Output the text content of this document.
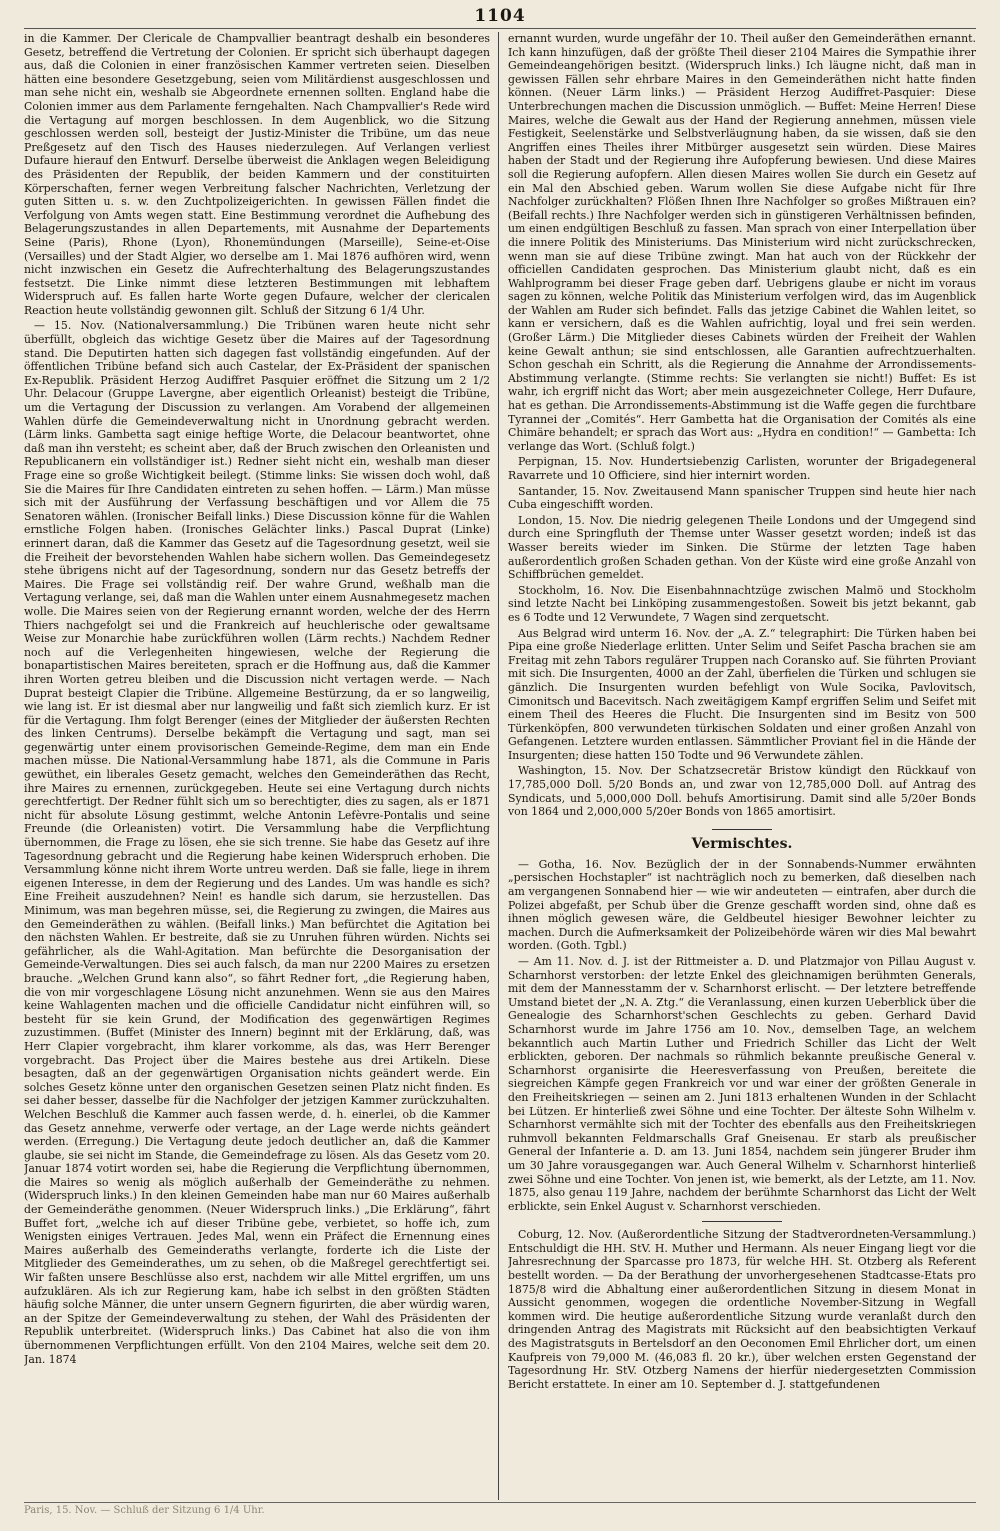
1104

in die Kammer. Der Clericale de Champvallier beantragt deshalb ein besonderes Gesetz, betreffend die Vertretung der Colonien. Er spricht sich überhaupt dagegen aus, daß die Colonien in einer französischen Kammer vertreten seien. Dieselben hätten eine besondere Gesetzgebung, seien vom Militärdienst ausgeschlossen und man sehe nicht ein, weshalb sie Abgeordnete ernennen sollten. England habe die Colonien immer aus dem Parlamente ferngehalten. Nach Champvallier's Rede wird die Vertagung auf morgen beschlossen. In dem Augenblick, wo die Sitzung geschlossen werden soll, besteigt der Justiz-Minister die Tribüne, um das neue Preßgesetz auf den Tisch des Hauses niederzulegen. Auf Verlangen verliest Dufaure hierauf den Entwurf. Derselbe überweist die Anklagen wegen Beleidigung des Präsidenten der Republik, der beiden Kammern und der constituirten Körperschaften, ferner wegen Verbreitung falscher Nachrichten, Verletzung der guten Sitten u. s. w. den Zuchtpolizeigerichten. In gewissen Fällen findet die Verfolgung von Amts wegen statt. Eine Bestimmung verordnet die Aufhebung des Belagerungszustandes in allen Departements, mit Ausnahme der Departements Seine (Paris), Rhone (Lyon), Rhonemündungen (Marseille), Seine-et-Oise (Versailles) und der Stadt Algier, wo derselbe am 1. Mai 1876 aufhören wird, wenn nicht inzwischen ein Gesetz die Aufrechterhaltung des Belagerungszustandes festsetzt. Die Linke nimmt diese letzteren Bestimmungen mit lebhaftem Widerspruch auf. Es fallen harte Worte gegen Dufaure, welcher der clericalen Reaction heute vollständig gewonnen gilt. Schluß der Sitzung 6 1/4 Uhr.

— 15. Nov. (Nationalversammlung.) Die Tribünen waren heute nicht sehr überfüllt, obgleich das wichtige Gesetz über die Maires auf der Tagesordnung stand. Die Deputirten hatten sich dagegen fast vollständig eingefunden. Auf der öffentlichen Tribüne befand sich auch Castelar, der Ex-Präsident der spanischen Ex-Republik. Präsident Herzog Audiffret Pasquier eröffnet die Sitzung um 2 1/2 Uhr. Delacour (Gruppe Lavergne, aber eigentlich Orleanist) besteigt die Tribüne, um die Vertagung der Discussion zu verlangen. Am Vorabend der allgemeinen Wahlen dürfe die Gemeindeverwaltung nicht in Unordnung gebracht werden. (Lärm links. Gambetta sagt einige heftige Worte, die Delacour beantwortet, ohne daß man ihn versteht; es scheint aber, daß der Bruch zwischen den Orleanisten und Republicanern ein vollständiger ist.) Redner sieht nicht ein, weshalb man dieser Frage eine so große Wichtigkeit beilegt. (Stimme links: Sie wissen doch wohl, daß Sie die Maires für Ihre Candidaten eintreten zu sehen hoffen. — Lärm.) Man müsse sich mit der Ausführung der Verfassung beschäftigen und vor Allem die 75 Senatoren wählen. (Ironischer Beifall links.) Diese Discussion könne für die Wahlen ernstliche Folgen haben. (Ironisches Gelächter links.) Pascal Duprat (Linke) erinnert daran, daß die Kammer das Gesetz auf die Tagesordnung gesetzt, weil sie die Freiheit der bevorstehenden Wahlen habe sichern wollen. Das Gemeindegesetz stehe übrigens nicht auf der Tagesordnung, sondern nur das Gesetz betreffs der Maires. Die Frage sei vollständig reif. Der wahre Grund, weßhalb man die Vertagung verlange, sei, daß man die Wahlen unter einem Ausnahmegesetz machen wolle. Die Maires seien von der Regierung ernannt worden, welche der des Herrn Thiers nachgefolgt sei und die Frankreich auf heuchlerische oder gewaltsame Weise zur Monarchie habe zurückführen wollen (Lärm rechts.) Nachdem Redner noch auf die Verlegenheiten hingewiesen, welche der Regierung die bonapartistischen Maires bereiteten, sprach er die Hoffnung aus, daß die Kammer ihren Worten getreu bleiben und die Discussion nicht vertagen werde. — Nach Duprat besteigt Clapier die Tribüne. Allgemeine Bestürzung, da er so langweilig, wie lang ist. Er ist diesmal aber nur langweilig und faßt sich ziemlich kurz. Er ist für die Vertagung. Ihm folgt Berenger (eines der Mitglieder der äußersten Rechten des linken Centrums). Derselbe bekämpft die Vertagung und sagt, man sei gegenwärtig unter einem provisorischen Gemeinde-Regime, dem man ein Ende machen müsse. Die National-Versammlung habe 1871, als die Commune in Paris gewüthet, ein liberales Gesetz gemacht, welches den Gemeinderäthen das Recht, ihre Maires zu ernennen, zurückgegeben. Heute sei eine Vertagung durch nichts gerechtfertigt. Der Redner fühlt sich um so berechtigter, dies zu sagen, als er 1871 nicht für absolute Lösung gestimmt, welche Antonin Lefèvre-Pontalis und seine Freunde (die Orleanisten) votirt. Die Versammlung habe die Verpflichtung übernommen, die Frage zu lösen, ehe sie sich trenne. Sie habe das Gesetz auf ihre Tagesordnung gebracht und die Regierung habe keinen Widerspruch erhoben. Die Versammlung könne nicht ihrem Worte untreu werden. Daß sie falle, liege in ihrem eigenen Interesse, in dem der Regierung und des Landes. Um was handle es sich? Eine Freiheit auszudehnen? Nein! es handle sich darum, sie herzustellen. Das Minimum, was man begehren müsse, sei, die Regierung zu zwingen, die Maires aus den Gemeinderäthen zu wählen. (Beifall links.) Man befürchtet die Agitation bei den nächsten Wahlen. Er bestreite, daß sie zu Unruhen führen würden. Nichts sei gefährlicher, als die Wahl-Agitation. Man befürchte die Desorganisation der Gemeinde-Verwaltungen. Dies sei auch falsch, da man nur 2200 Maires zu ersetzen brauche. „Welchen Grund kann also“, so fährt Redner fort, „die Regierung haben, die von mir vorgeschlagene Lösung nicht anzunehmen. Wenn sie aus den Maires keine Wahlagenten machen und die officielle Candidatur nicht einführen will, so besteht für sie kein Grund, der Modification des gegenwärtigen Regimes zuzustimmen. (Buffet (Minister des Innern) beginnt mit der Erklärung, daß, was Herr Clapier vorgebracht, ihm klarer vorkomme, als das, was Herr Berenger vorgebracht. Das Project über die Maires bestehe aus drei Artikeln. Diese besagten, daß an der gegenwärtigen Organisation nichts geändert werde. Ein solches Gesetz könne unter den organischen Gesetzen seinen Platz nicht finden. Es sei daher besser, dasselbe für die Nachfolger der jetzigen Kammer zurückzuhalten. Welchen Beschluß die Kammer auch fassen werde, d. h. einerlei, ob die Kammer das Gesetz annehme, verwerfe oder vertage, an der Lage werde nichts geändert werden. (Erregung.) Die Vertagung deute jedoch deutlicher an, daß die Kammer glaube, sie sei nicht im Stande, die Gemeindefrage zu lösen. Als das Gesetz vom 20. Januar 1874 votirt worden sei, habe die Regierung die Verpflichtung übernommen, die Maires so wenig als möglich außerhalb der Gemeinderäthe zu nehmen. (Widerspruch links.) In den kleinen Gemeinden habe man nur 60 Maires außerhalb der Gemeinderäthe genommen. (Neuer Widerspruch links.) „Die Erklärung“, fährt Buffet fort, „welche ich auf dieser Tribüne gebe, verbietet, so hoffe ich, zum Wenigsten einiges Vertrauen. Jedes Mal, wenn ein Präfect die Ernennung eines Maires außerhalb des Gemeinderaths verlangte, forderte ich die Liste der Mitglieder des Gemeinderathes, um zu sehen, ob die Maßregel gerechtfertigt sei. Wir faßten unsere Beschlüsse also erst, nachdem wir alle Mittel ergriffen, um uns aufzuklären. Als ich zur Regierung kam, habe ich selbst in den größten Städten häufig solche Männer, die unter unsern Gegnern figurirten, die aber würdig waren, an der Spitze der Gemeindeverwaltung zu stehen, der Wahl des Präsidenten der Republik unterbreitet. (Widerspruch links.) Das Cabinet hat also die von ihm übernommenen Verpflichtungen erfüllt. Von den 2104 Maires, welche seit dem 20. Jan. 1874

ernannt wurden, wurde ungefähr der 10. Theil außer den Gemeinderäthen ernannt. Ich kann hinzufügen, daß der größte Theil dieser 2104 Maires die Sympathie ihrer Gemeindeangehörigen besitzt. (Widerspruch links.) Ich läugne nicht, daß man in gewissen Fällen sehr ehrbare Maires in den Gemeinderäthen nicht hatte finden können. (Neuer Lärm links.) — Präsident Herzog Audiffret-Pasquier: Diese Unterbrechungen machen die Discussion unmöglich. — Buffet: Meine Herren! Diese Maires, welche die Gewalt aus der Hand der Regierung annehmen, müssen viele Festigkeit, Seelenstärke und Selbstverläugnung haben, da sie wissen, daß sie den Angriffen eines Theiles ihrer Mitbürger ausgesetzt sein würden. Diese Maires haben der Stadt und der Regierung ihre Aufopferung bewiesen. Und diese Maires soll die Regierung aufopfern. Allen diesen Maires wollen Sie durch ein Gesetz auf ein Mal den Abschied geben. Warum wollen Sie diese Aufgabe nicht für Ihre Nachfolger zurückhalten? Flößen Ihnen Ihre Nachfolger so großes Mißtrauen ein? (Beifall rechts.) Ihre Nachfolger werden sich in günstigeren Verhältnissen befinden, um einen endgültigen Beschluß zu fassen. Man sprach von einer Interpellation über die innere Politik des Ministeriums. Das Ministerium wird nicht zurückschrecken, wenn man sie auf diese Tribüne zwingt. Man hat auch von der Rückkehr der officiellen Candidaten gesprochen. Das Ministerium glaubt nicht, daß es ein Wahlprogramm bei dieser Frage geben darf. Uebrigens glaube er nicht im voraus sagen zu können, welche Politik das Ministerium verfolgen wird, das im Augenblick der Wahlen am Ruder sich befindet. Falls das jetzige Cabinet die Wahlen leitet, so kann er versichern, daß es die Wahlen aufrichtig, loyal und frei sein werden. (Großer Lärm.) Die Mitglieder dieses Cabinets würden der Freiheit der Wahlen keine Gewalt anthun; sie sind entschlossen, alle Garantien aufrechtzuerhalten. Schon geschah ein Schritt, als die Regierung die Annahme der Arrondissements-Abstimmung verlangte. (Stimme rechts: Sie verlangten sie nicht!) Buffet: Es ist wahr, ich ergriff nicht das Wort; aber mein ausgezeichneter College, Herr Dufaure, hat es gethan. Die Arrondissements-Abstimmung ist die Waffe gegen die furchtbare Tyrannei der „Comités“. Herr Gambetta hat die Organisation der Comités als eine Chimäre behandelt; er sprach das Wort aus: „Hydra en condition!“ — Gambetta: Ich verlange das Wort. (Schluß folgt.)

Perpignan, 15. Nov. Hundertsiebenzig Carlisten, worunter der Brigadegeneral Ravarrete und 10 Officiere, sind hier internirt worden.

Santander, 15. Nov. Zweitausend Mann spanischer Truppen sind heute hier nach Cuba eingeschifft worden.

London, 15. Nov. Die niedrig gelegenen Theile Londons und der Umgegend sind durch eine Springfluth der Themse unter Wasser gesetzt worden; indeß ist das Wasser bereits wieder im Sinken. Die Stürme der letzten Tage haben außerordentlich großen Schaden gethan. Von der Küste wird eine große Anzahl von Schiffbrüchen gemeldet.

Stockholm, 16. Nov. Die Eisenbahnnachtzüge zwischen Malmö und Stockholm sind letzte Nacht bei Linköping zusammengestoßen. Soweit bis jetzt bekannt, gab es 6 Todte und 12 Verwundete, 7 Wagen sind zerquetscht.

Aus Belgrad wird unterm 16. Nov. der „A. Z.“ telegraphirt: Die Türken haben bei Pipa eine große Niederlage erlitten. Unter Selim und Seifet Pascha brachen sie am Freitag mit zehn Tabors regulärer Truppen nach Coransko auf. Sie führten Proviant mit sich. Die Insurgenten, 4000 an der Zahl, überfielen die Türken und schlugen sie gänzlich. Die Insurgenten wurden befehligt von Wule Socika, Pavlovitsch, Cimonitsch und Bacevitsch. Nach zweitägigem Kampf ergriffen Selim und Seifet mit einem Theil des Heeres die Flucht. Die Insurgenten sind im Besitz von 500 Türkenköpfen, 800 verwundeten türkischen Soldaten und einer großen Anzahl von Gefangenen. Letztere wurden entlassen. Sämmtlicher Proviant fiel in die Hände der Insurgenten; diese hatten 150 Todte und 96 Verwundete zählen.

Washington, 15. Nov. Der Schatzsecretär Bristow kündigt den Rückkauf von 17,785,000 Doll. 5/20 Bonds an, und zwar von 12,785,000 Doll. auf Antrag des Syndicats, und 5,000,000 Doll. behufs Amortisirung. Damit sind alle 5/20er Bonds von 1864 und 2,000,000 5/20er Bonds von 1865 amortisirt.

Vermischtes.

— Gotha, 16. Nov. Bezüglich der in der Sonnabends-Nummer erwähnten „persischen Hochstapler“ ist nachträglich noch zu bemerken, daß dieselben nach am vergangenen Sonnabend hier — wie wir andeuteten — eintrafen, aber durch die Polizei abgefaßt, per Schub über die Grenze geschafft worden sind, ohne daß es ihnen möglich gewesen wäre, die Geldbeutel hiesiger Bewohner leichter zu machen. Durch die Aufmerksamkeit der Polizeibehörde wären wir dies Mal bewahrt worden. (Goth. Tgbl.)

— Am 11. Nov. d. J. ist der Rittmeister a. D. und Platzmajor von Pillau August v. Scharnhorst verstorben: der letzte Enkel des gleichnamigen berühmten Generals, mit dem der Mannesstamm der v. Scharnhorst erlischt. — Der letztere betreffende Umstand bietet der „N. A. Ztg.“ die Veranlassung, einen kurzen Ueberblick über die Genealogie des Scharnhorst'schen Geschlechts zu geben. Gerhard David Scharnhorst wurde im Jahre 1756 am 10. Nov., demselben Tage, an welchem bekanntlich auch Martin Luther und Friedrich Schiller das Licht der Welt erblickten, geboren. Der nachmals so rühmlich bekannte preußische General v. Scharnhorst organisirte die Heeresverfassung von Preußen, bereitete die siegreichen Kämpfe gegen Frankreich vor und war einer der größten Generale in den Freiheitskriegen — seinen am 2. Juni 1813 erhaltenen Wunden in der Schlacht bei Lützen. Er hinterließ zwei Söhne und eine Tochter. Der älteste Sohn Wilhelm v. Scharnhorst vermählte sich mit der Tochter des ebenfalls aus den Freiheitskriegen ruhmvoll bekannten Feldmarschalls Graf Gneisenau. Er starb als preußischer General der Infanterie a. D. am 13. Juni 1854, nachdem sein jüngerer Bruder ihm um 30 Jahre vorausgegangen war. Auch General Wilhelm v. Scharnhorst hinterließ zwei Söhne und eine Tochter. Von jenen ist, wie bemerkt, als der Letzte, am 11. Nov. 1875, also genau 119 Jahre, nachdem der berühmte Scharnhorst das Licht der Welt erblickte, sein Enkel August v. Scharnhorst verschieden.

Coburg, 12. Nov. (Außerordentliche Sitzung der Stadtverordneten-Versammlung.) Entschuldigt die HH. StV. H. Muther und Hermann. Als neuer Eingang liegt vor die Jahresrechnung der Sparcasse pro 1873, für welche HH. St. Otzberg als Referent bestellt worden. — Da der Berathung der unvorhergesehenen Stadtcasse-Etats pro 1875/8 wird die Abhaltung einer außerordentlichen Sitzung in diesem Monat in Aussicht genommen, wogegen die ordentliche November-Sitzung in Wegfall kommen wird. Die heutige außerordentliche Sitzung wurde veranlaßt durch den dringenden Antrag des Magistrats mit Rücksicht auf den beabsichtigten Verkauf des Magistratsguts in Bertelsdorf an den Oeconomen Emil Ehrlicher dort, um einen Kaufpreis von 79,000 M. (46,083 fl. 20 kr.), über welchen ersten Gegenstand der Tagesordnung Hr. StV. Otzberg Namens der hierfür niedergesetzten Commission Bericht erstattete. In einer am 10. September d. J. stattgefundenen

Paris, 15. Nov. — Schluß der Sitzung 6 1/4 Uhr.
